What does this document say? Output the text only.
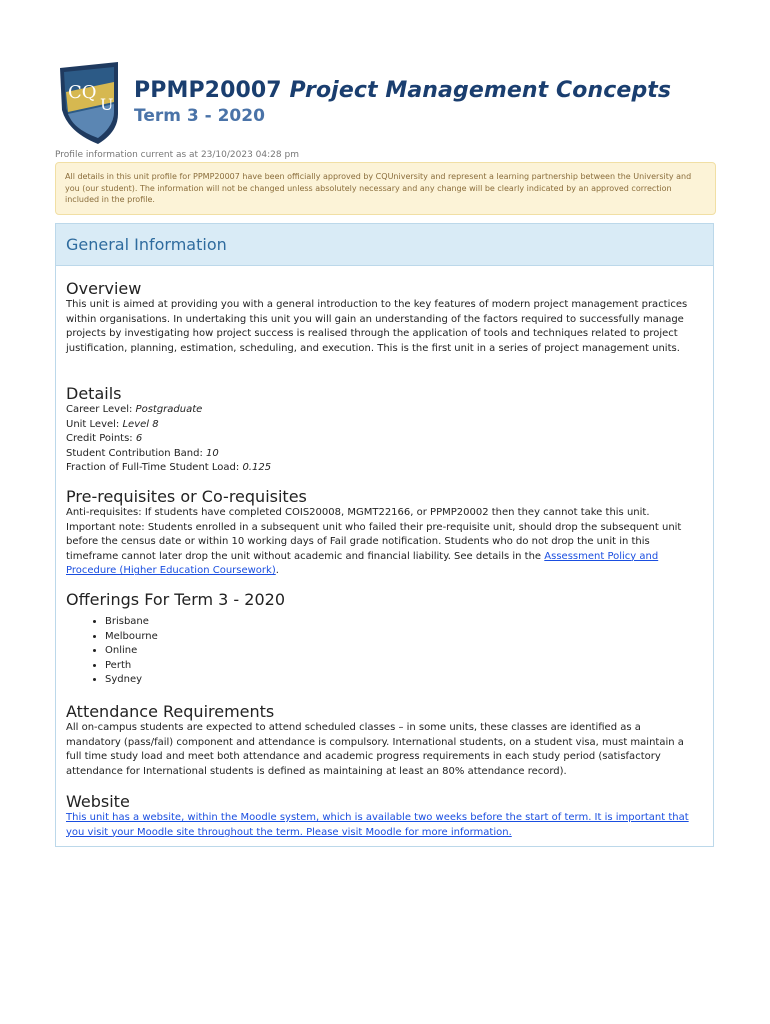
CQ
U
PPMP20007 Project Management Concepts
Term 3 - 2020
Profile information current as at 23/10/2023 04:28 pm
All details in this unit profile for PPMP20007 have been officially approved by CQUniversity and represent a learning partnership between the University and you (our student). The information will not be changed unless absolutely necessary and any change will be clearly indicated by an approved correction included in the profile.
General Information
Overview

This unit is aimed at providing you with a general introduction to the key features of modern project management practices within organisations. In undertaking this unit you will gain an understanding of the factors required to successfully manage projects by investigating how project success is realised through the application of tools and techniques related to project justification, planning, estimation, scheduling, and execution. This is the first unit in a series of project management units.

Details
Career Level: Postgraduate
Unit Level: Level 8
Credit Points: 6
Student Contribution Band: 10
Fraction of Full-Time Student Load: 0.125
Pre-requisites or Co-requisites

Anti-requisites: If students have completed COIS20008, MGMT22166, or PPMP20002 then they cannot take this unit. Important note: Students enrolled in a subsequent unit who failed their pre-requisite unit, should drop the subsequent unit before the census date or within 10 working days of Fail grade notification. Students who do not drop the unit in this timeframe cannot later drop the unit without academic and financial liability. See details in the Assessment Policy and Procedure (Higher Education Coursework).

Offerings For Term 3 - 2020
• Brisbane
• Melbourne
• Online
• Perth
• Sydney
Attendance Requirements

All on-campus students are expected to attend scheduled classes – in some units, these classes are identified as a mandatory (pass/fail) component and attendance is compulsory. International students, on a student visa, must maintain a full time study load and meet both attendance and academic progress requirements in each study period (satisfactory attendance for International students is defined as maintaining at least an 80% attendance record).

Website

This unit has a website, within the Moodle system, which is available two weeks before the start of term. It is important that you visit your Moodle site throughout the term. Please visit Moodle for more information.
